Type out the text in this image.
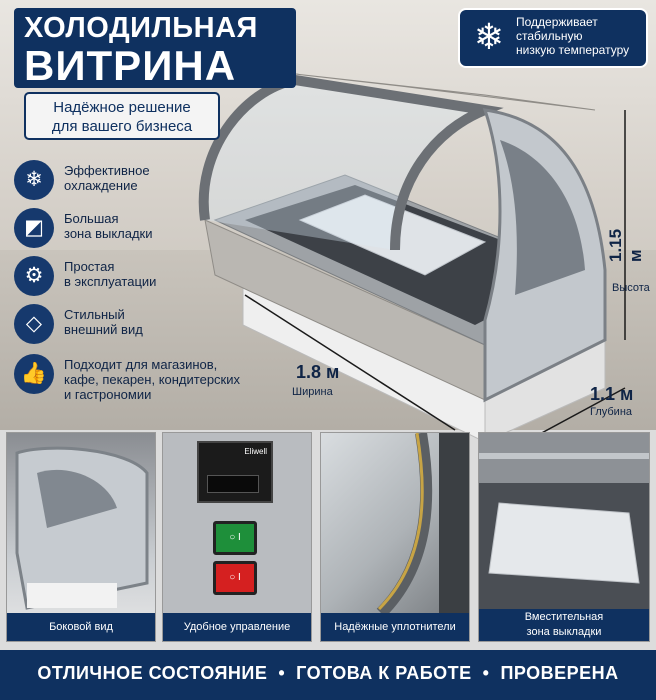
ХОЛОДИЛЬНАЯ
ВИТРИНА
Надёжное решение
для вашего бизнеса
❄ Поддерживает
стабильную
низкую температуру
❄	Эффективное
охлаждение
◩	Большая
зона выкладки
⚙	Простая
в эксплуатации
◇	Стильный
внешний вид
👍	Подходит для магазинов,
кафе, пекарен, кондитерских
и гастрономии
1.8 м
Ширина
1.15 м
Высота
1.1 м
Глубина
Боковой вид
Eliwell
○ I
○ I
Удобное управление	Надёжные уплотнители
Вместительная
зона выкладки
ОТЛИЧНОЕ СОСТОЯНИЕ  •  ГОТОВА К РАБОТЕ  •  ПРОВЕРЕНА
